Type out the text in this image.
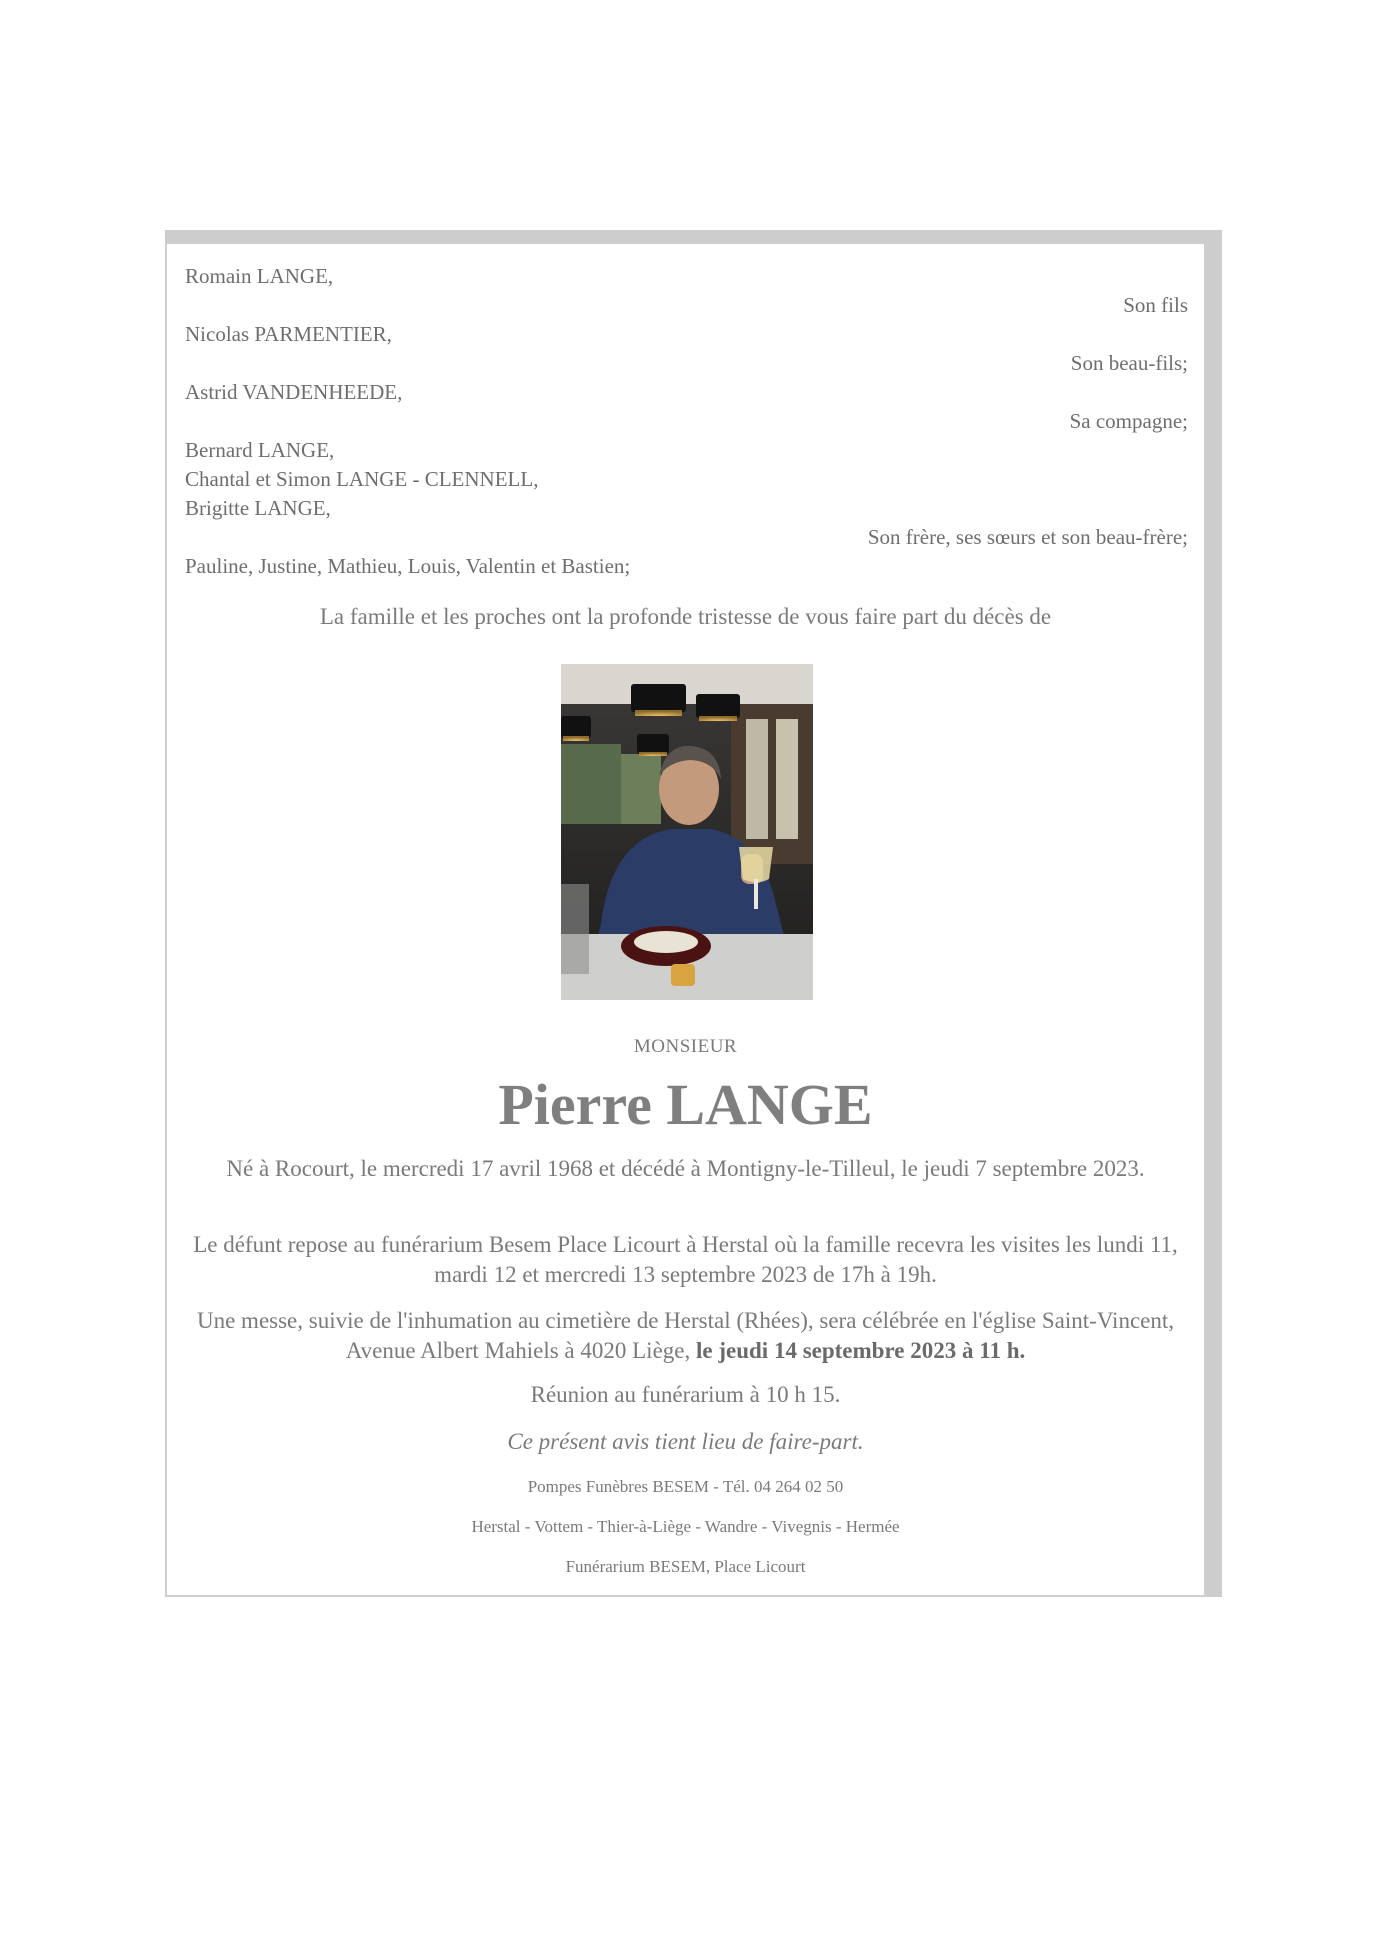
Romain LANGE,
Son fils
Nicolas PARMENTIER,
Son beau-fils;
Astrid VANDENHEEDE,
Sa compagne;
Bernard LANGE,
Chantal et Simon LANGE - CLENNELL,
Brigitte LANGE,
Son frère, ses sœurs et son beau-frère;
Pauline, Justine, Mathieu, Louis, Valentin et Bastien;
La famille et les proches ont la profonde tristesse de vous faire part du décès de
MONSIEUR
Pierre LANGE
Né à Rocourt, le mercredi 17 avril 1968 et décédé à Montigny-le-Tilleul, le jeudi 7 septembre 2023.
Le défunt repose au funérarium Besem Place Licourt à Herstal où la famille recevra les visites les lundi 11, mardi 12 et mercredi 13 septembre 2023 de 17h à 19h.
Une messe, suivie de l'inhumation au cimetière de Herstal (Rhées), sera célébrée en l'église Saint-Vincent, Avenue Albert Mahiels à 4020 Liège, le jeudi 14 septembre 2023 à 11 h.
Réunion au funérarium à 10 h 15.
Ce présent avis tient lieu de faire-part.
Pompes Funèbres BESEM - Tél. 04 264 02 50
Herstal - Vottem - Thier-à-Liège - Wandre - Vivegnis - Hermée
Funérarium BESEM, Place Licourt
